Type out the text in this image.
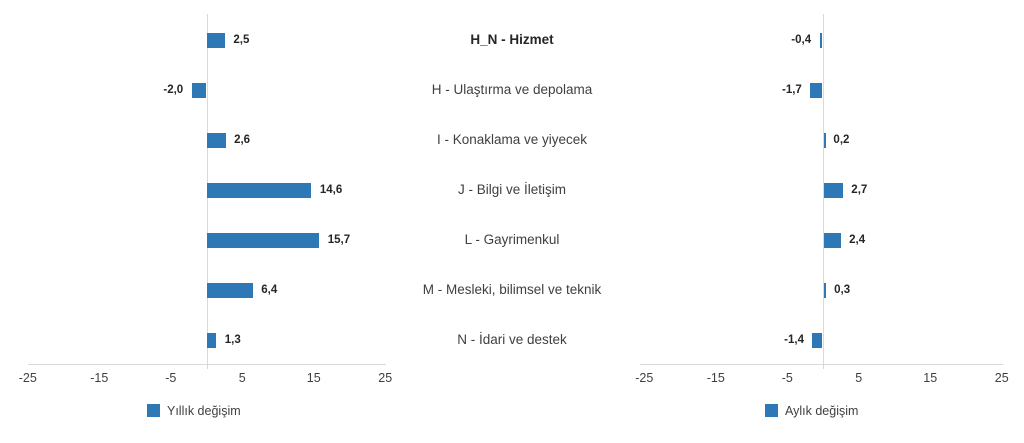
2,5
-2,0
2,6
14,6
15,7
6,4
1,3
-25	-15	-5	5	15	25
Yıllık değişim
H_N - Hizmet
H - Ulaştırma ve depolama
I - Konaklama ve yiyecek
J - Bilgi ve İletişim
L - Gayrimenkul
M - Mesleki, bilimsel ve teknik
N - İdari ve destek
-0,4
-1,7
0,2
2,7
2,4
0,3
-1,4
-25	-15	-5	5	15	25
Aylık değişim
